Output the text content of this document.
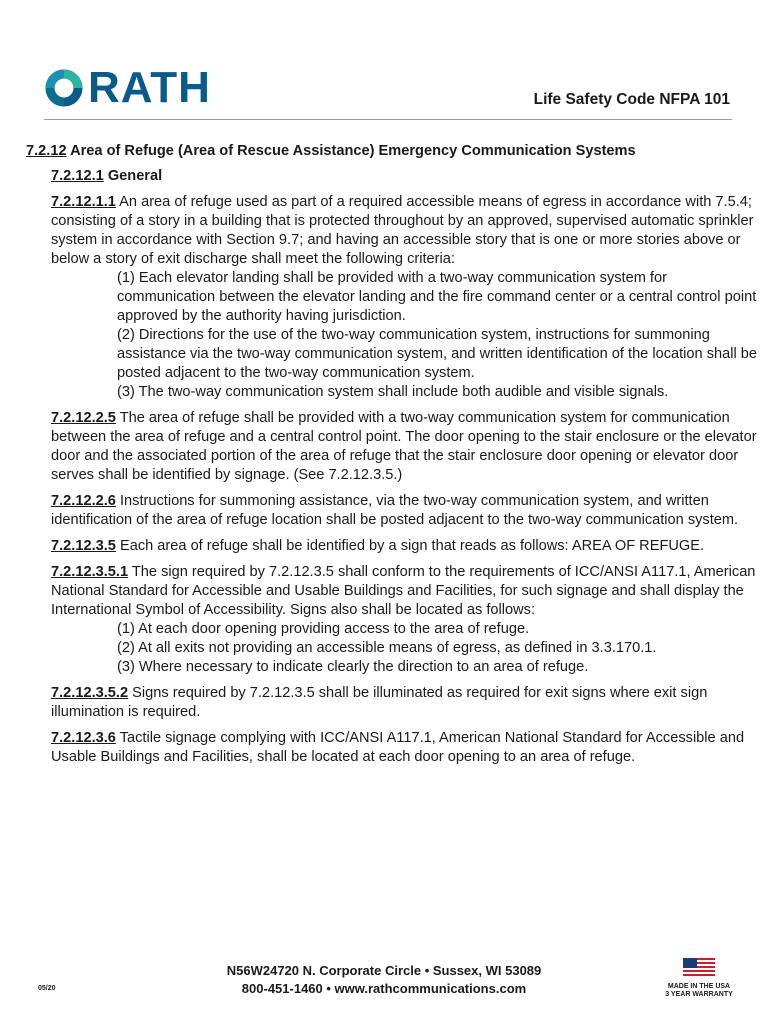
RATH	Life Safety Code NFPA 101
7.2.12 Area of Refuge (Area of Rescue Assistance) Emergency Communication Systems
7.2.12.1 General
7.2.12.1.1 An area of refuge used as part of a required accessible means of egress in accordance with 7.5.4; consisting of a story in a building that is protected throughout by an approved, supervised automatic sprinkler system in accordance with Section 9.7; and having an accessible story that is one or more stories above or below a story of exit discharge shall meet the following criteria:
(1) Each elevator landing shall be provided with a two-way communication system for communication between the elevator landing and the fire command center or a central control point approved by the authority having jurisdiction.
(2) Directions for the use of the two-way communication system, instructions for summoning assistance via the two-way communication system, and written identification of the location shall be posted adjacent to the two-way communication system.
(3) The two-way communication system shall include both audible and visible signals.
7.2.12.2.5 The area of refuge shall be provided with a two-way communication system for communication between the area of refuge and a central control point. The door opening to the stair enclosure or the elevator door and the associated portion of the area of refuge that the stair enclosure door opening or elevator door serves shall be identified by signage. (See 7.2.12.3.5.)
7.2.12.2.6 Instructions for summoning assistance, via the two-way communication system, and written identification of the area of refuge location shall be posted adjacent to the two-way communication system.
7.2.12.3.5 Each area of refuge shall be identified by a sign that reads as follows: AREA OF REFUGE.
7.2.12.3.5.1 The sign required by 7.2.12.3.5 shall conform to the requirements of ICC/ANSI A117.1, American National Standard for Accessible and Usable Buildings and Facilities, for such signage and shall display the International Symbol of Accessibility. Signs also shall be located as follows:
(1) At each door opening providing access to the area of refuge.
(2) At all exits not providing an accessible means of egress, as defined in 3.3.170.1.
(3) Where necessary to indicate clearly the direction to an area of refuge.
7.2.12.3.5.2 Signs required by 7.2.12.3.5 shall be illuminated as required for exit signs where exit sign illumination is required.
7.2.12.3.6 Tactile signage complying with ICC/ANSI A117.1, American National Standard for Accessible and Usable Buildings and Facilities, shall be located at each door opening to an area of refuge.
N56W24720 N. Corporate Circle • Sussex, WI 53089
800-451-1460 • www.rathcommunications.com
05/20	MADE IN THE USA
3 YEAR WARRANTY
